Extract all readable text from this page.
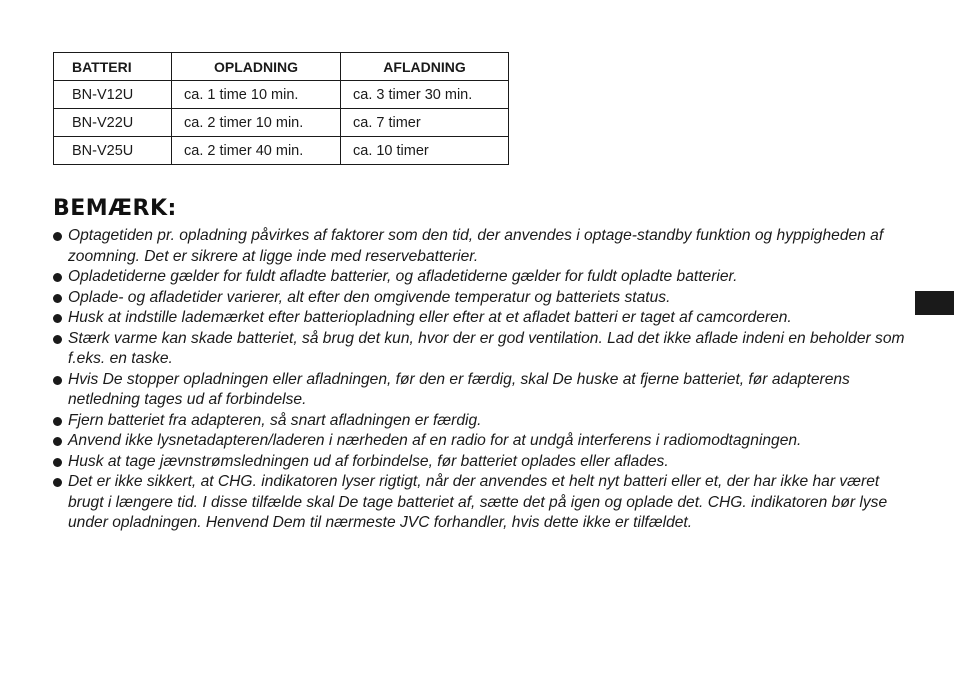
BATTERI	OPLADNING	AFLADNING
BN-V12U	ca. 1 time 10 min.	ca. 3 timer 30 min.
BN-V22U	ca. 2 timer 10 min.	ca. 7 timer
BN-V25U	ca. 2 timer 40 min.	ca. 10 timer
BEMÆRK:
Optagetiden pr. opladning påvirkes af faktorer som den tid, der anvendes i optage-standby funktion og hyppigheden af zoomning. Det er sikrere at ligge inde med reservebatterier.
Opladetiderne gælder for fuldt afladte batterier, og afladetiderne gælder for fuldt opladte batterier.
Oplade- og afladetider varierer, alt efter den omgivende temperatur og batteriets status.
Husk at indstille lademærket efter batteriopladning eller efter at et afladet batteri er taget af camcorderen.
Stærk varme kan skade batteriet, så brug det kun, hvor der er god ventilation. Lad det ikke aflade indeni en beholder som f.eks. en taske.
Hvis De stopper opladningen eller afladningen, før den er færdig, skal De huske at fjerne batteriet, før adapterens netledning tages ud af forbindelse.
Fjern batteriet fra adapteren, så snart afladningen er færdig.
Anvend ikke lysnetadapteren/laderen i nærheden af en radio for at undgå interferens i radiomodtagningen.
Husk at tage jævnstrømsledningen ud af forbindelse, før batteriet oplades eller aflades.
Det er ikke sikkert, at CHG. indikatoren lyser rigtigt, når der anvendes et helt nyt batteri eller et, der har ikke har været brugt i længere tid. I disse tilfælde skal De tage batteriet af, sætte det på igen og oplade det. CHG. indikatoren bør lyse under opladningen. Henvend Dem til nærmeste JVC forhandler, hvis dette ikke er tilfældet.
